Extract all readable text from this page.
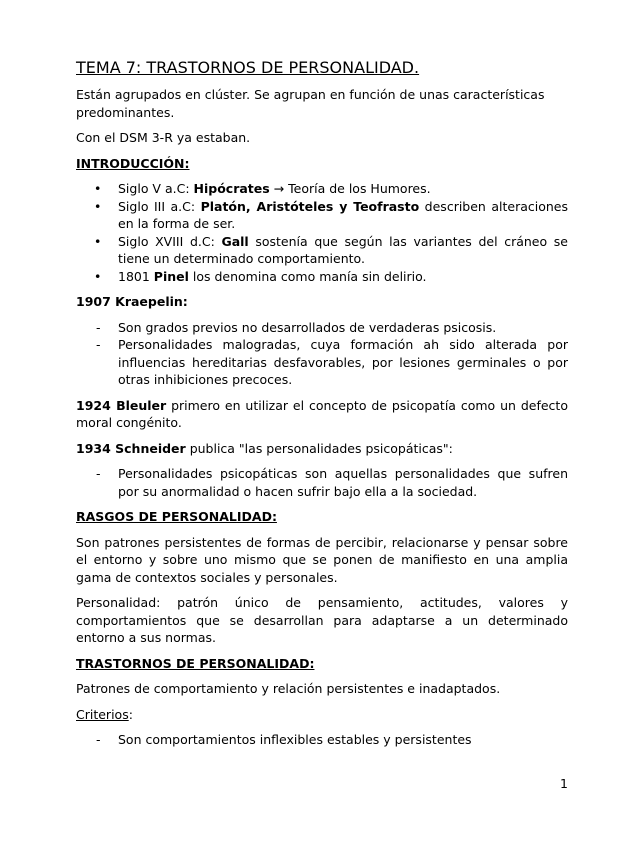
TEMA 7: TRASTORNOS DE PERSONALIDAD.

Están agrupados en clúster. Se agrupan en función de unas características predominantes.

Con el DSM 3-R ya estaban.

INTRODUCCIÓN:
• Siglo V a.C: Hipócrates → Teoría de los Humores.
• Siglo III a.C: Platón, Aristóteles y Teofrasto describen alteraciones en la forma de ser.
• Siglo XVIII d.C: Gall sostenía que según las variantes del cráneo se tiene un determinado comportamiento.
• 1801 Pinel los denomina como manía sin delirio.

1907 Kraepelin:

- Son grados previos no desarrollados de verdaderas psicosis.
- Personalidades malogradas, cuya formación ah sido alterada por influencias hereditarias desfavorables, por lesiones germinales o por otras inhibiciones precoces.

1924 Bleuler primero en utilizar el concepto de psicopatía como un defecto moral congénito.

1934 Schneider publica "las personalidades psicopáticas":

- Personalidades psicopáticas son aquellas personalidades que sufren por su anormalidad o hacen sufrir bajo ella a la sociedad.
RASGOS DE PERSONALIDAD:

Son patrones persistentes de formas de percibir, relacionarse y pensar sobre el entorno y sobre uno mismo que se ponen de manifiesto en una amplia gama de contextos sociales y personales.

Personalidad: patrón único de pensamiento, actitudes, valores y comportamientos que se desarrollan para adaptarse a un determinado entorno a sus normas.

TRASTORNOS DE PERSONALIDAD:

Patrones de comportamiento y relación persistentes e inadaptados.

Criterios:

- Son comportamientos inflexibles estables y persistentes
1
